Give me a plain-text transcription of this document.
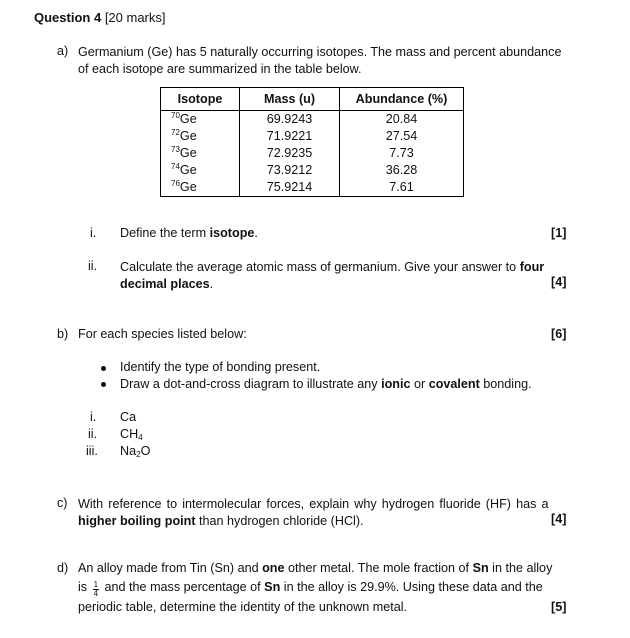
Question 4 [20 marks]
a) Germanium (Ge) has 5 naturally occurring isotopes. The mass and percent abundance
of each isotope are summarized in the table below.
Isotope	Mass (u)	Abundance (%)
$^{70}$Ge	69.9243	20.84
$^{72}$Ge	71.9221	27.54
$^{73}$Ge	72.9235	7.73
$^{74}$Ge	73.9212	36.28
$^{76}$Ge	75.9214	7.61
i. Define the term isotope.	[1]
ii. Calculate the average atomic mass of germanium. Give your answer to four
decimal places.	[4]
b) For each species listed below:	[6]
Identify the type of bonding present.
Draw a dot-and-cross diagram to illustrate any ionic or covalent bonding.
i. Ca
ii. $CH_4$
iii. $Na_2O$
c) With reference to intermolecular forces, explain why hydrogen fluoride (HF) has a
higher boiling point than hydrogen chloride (HCl).	[4]
d) An alloy made from Tin (Sn) and one other metal. The mole fraction of Sn in the alloy
is $\frac{1}{4}$ and the mass percentage of Sn in the alloy is 29.9%. Using these data and the
periodic table, determine the identity of the unknown metal.	[5]
